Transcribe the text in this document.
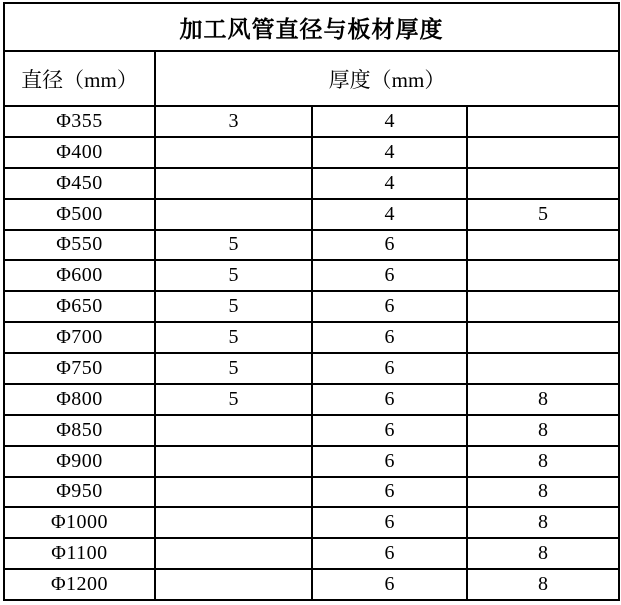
加工风管直径与板材厚度			
直径（mm）	厚度（mm）		
Φ355	3	4	
Φ400		4	
Φ450		4	
Φ500		4	5
Φ550	5	6	
Φ600	5	6	
Φ650	5	6	
Φ700	5	6	
Φ750	5	6	
Φ800	5	6	8
Φ850		6	8
Φ900		6	8
Φ950		6	8
Φ1000		6	8
Φ1100		6	8
Φ1200		6	8
